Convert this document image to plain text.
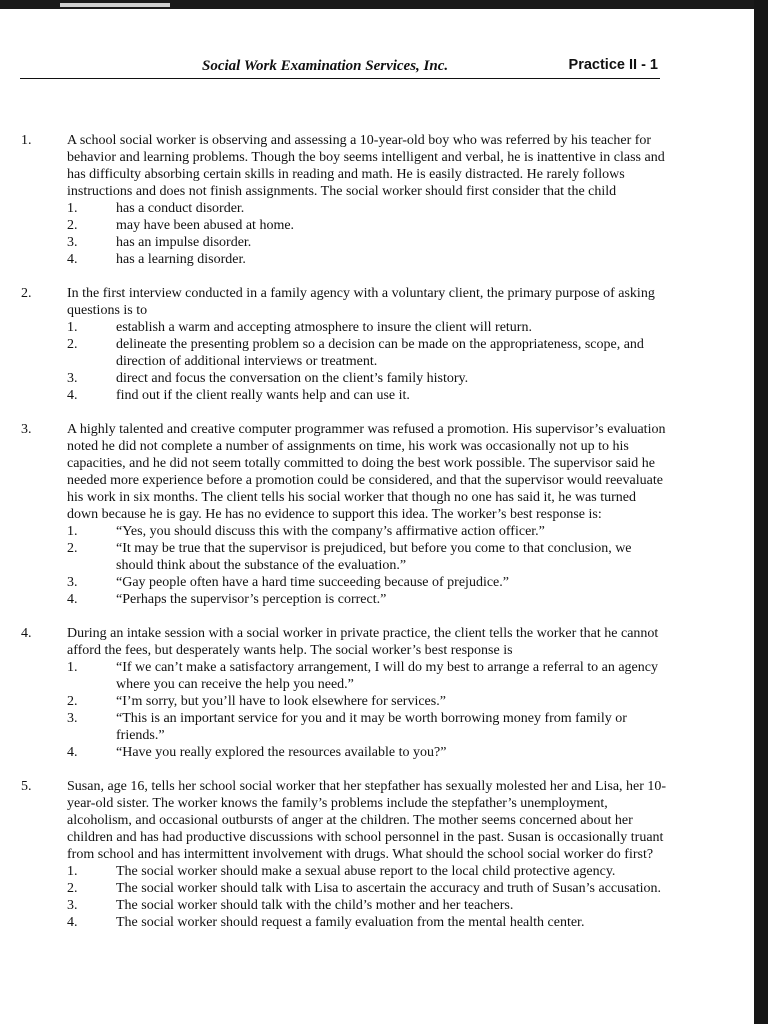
Social Work Examination Services, Inc.	Practice II - 1
1.	A school social worker is observing and assessing a 10-year-old boy who was referred by his teacher for behavior and learning problems. Though the boy seems intelligent and verbal, he is inattentive in class and has difficulty absorbing certain skills in reading and math. He is easily distracted. He rarely follows instructions and does not finish assignments. The social worker should first consider that the child
1.	has a conduct disorder.
2.	may have been abused at home.
3.	has an impulse disorder.
4.	has a learning disorder.
2.	In the first interview conducted in a family agency with a voluntary client, the primary purpose of asking questions is to
1.	establish a warm and accepting atmosphere to insure the client will return.
2.	delineate the presenting problem so a decision can be made on the appropriateness, scope, and direction of additional interviews or treatment.
3.	direct and focus the conversation on the client’s family history.
4.	find out if the client really wants help and can use it.
3.	A highly talented and creative computer programmer was refused a promotion. His supervisor’s evaluation noted he did not complete a number of assignments on time, his work was occasionally not up to his capacities, and he did not seem totally committed to doing the best work possible. The supervisor said he needed more experience before a promotion could be considered, and that the supervisor would reevaluate his work in six months. The client tells his social worker that though no one has said it, he was turned down because he is gay. He has no evidence to support this idea. The worker’s best response is:
1.	“Yes, you should discuss this with the company’s affirmative action officer.”
2.	“It may be true that the supervisor is prejudiced, but before you come to that conclusion, we should think about the substance of the evaluation.”
3.	“Gay people often have a hard time succeeding because of prejudice.”
4.	“Perhaps the supervisor’s perception is correct.”
4.	During an intake session with a social worker in private practice, the client tells the worker that he cannot afford the fees, but desperately wants help. The social worker’s best response is
1.	“If we can’t make a satisfactory arrangement, I will do my best to arrange a referral to an agency where you can receive the help you need.”
2.	“I’m sorry, but you’ll have to look elsewhere for services.”
3.	“This is an important service for you and it may be worth borrowing money from family or friends.”
4.	“Have you really explored the resources available to you?”
5.	Susan, age 16, tells her school social worker that her stepfather has sexually molested her and Lisa, her 10-year-old sister. The worker knows the family’s problems include the stepfather’s unemployment, alcoholism, and occasional outbursts of anger at the children. The mother seems concerned about her children and has had productive discussions with school personnel in the past. Susan is occasionally truant from school and has intermittent involvement with drugs. What should the school social worker do first?
1.	The social worker should make a sexual abuse report to the local child protective agency.
2.	The social worker should talk with Lisa to ascertain the accuracy and truth of Susan’s accusation.
3.	The social worker should talk with the child’s mother and her teachers.
4.	The social worker should request a family evaluation from the mental health center.
